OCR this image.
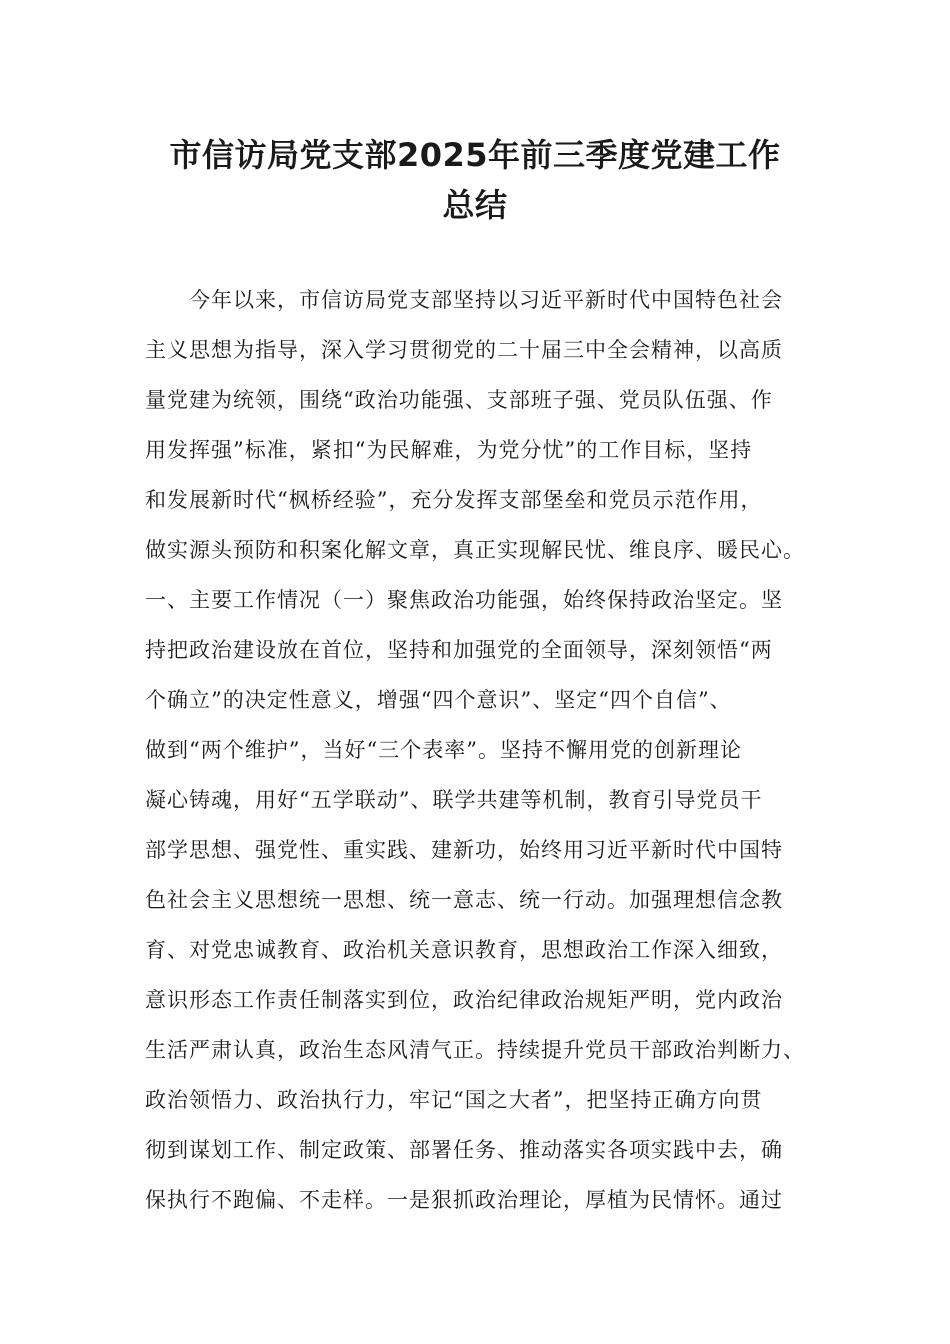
市信访局党支部2025年前三季度党建工作
总结
今年以来，市信访局党支部坚持以习近平新时代中国特色社会
主义思想为指导，深入学习贯彻党的二十届三中全会精神，以高质
量党建为统领，围绕“政治功能强、支部班子强、党员队伍强、作
用发挥强”标准，紧扣“为民解难，为党分忧”的工作目标，坚持
和发展新时代“枫桥经验”，充分发挥支部堡垒和党员示范作用，
做实源头预防和积案化解文章，真正实现解民忧、维良序、暖民心。
一、主要工作情况（一）聚焦政治功能强，始终保持政治坚定。坚
持把政治建设放在首位，坚持和加强党的全面领导，深刻领悟“两
个确立”的决定性意义，增强“四个意识”、坚定“四个自信”、
做到“两个维护”，当好“三个表率”。坚持不懈用党的创新理论
凝心铸魂，用好“五学联动”、联学共建等机制，教育引导党员干
部学思想、强党性、重实践、建新功，始终用习近平新时代中国特
色社会主义思想统一思想、统一意志、统一行动。加强理想信念教
育、对党忠诚教育、政治机关意识教育，思想政治工作深入细致，
意识形态工作责任制落实到位，政治纪律政治规矩严明，党内政治
生活严肃认真，政治生态风清气正。持续提升党员干部政治判断力、
政治领悟力、政治执行力，牢记“国之大者”，把坚持正确方向贯
彻到谋划工作、制定政策、部署任务、推动落实各项实践中去，确
保执行不跑偏、不走样。一是狠抓政治理论，厚植为民情怀。通过
